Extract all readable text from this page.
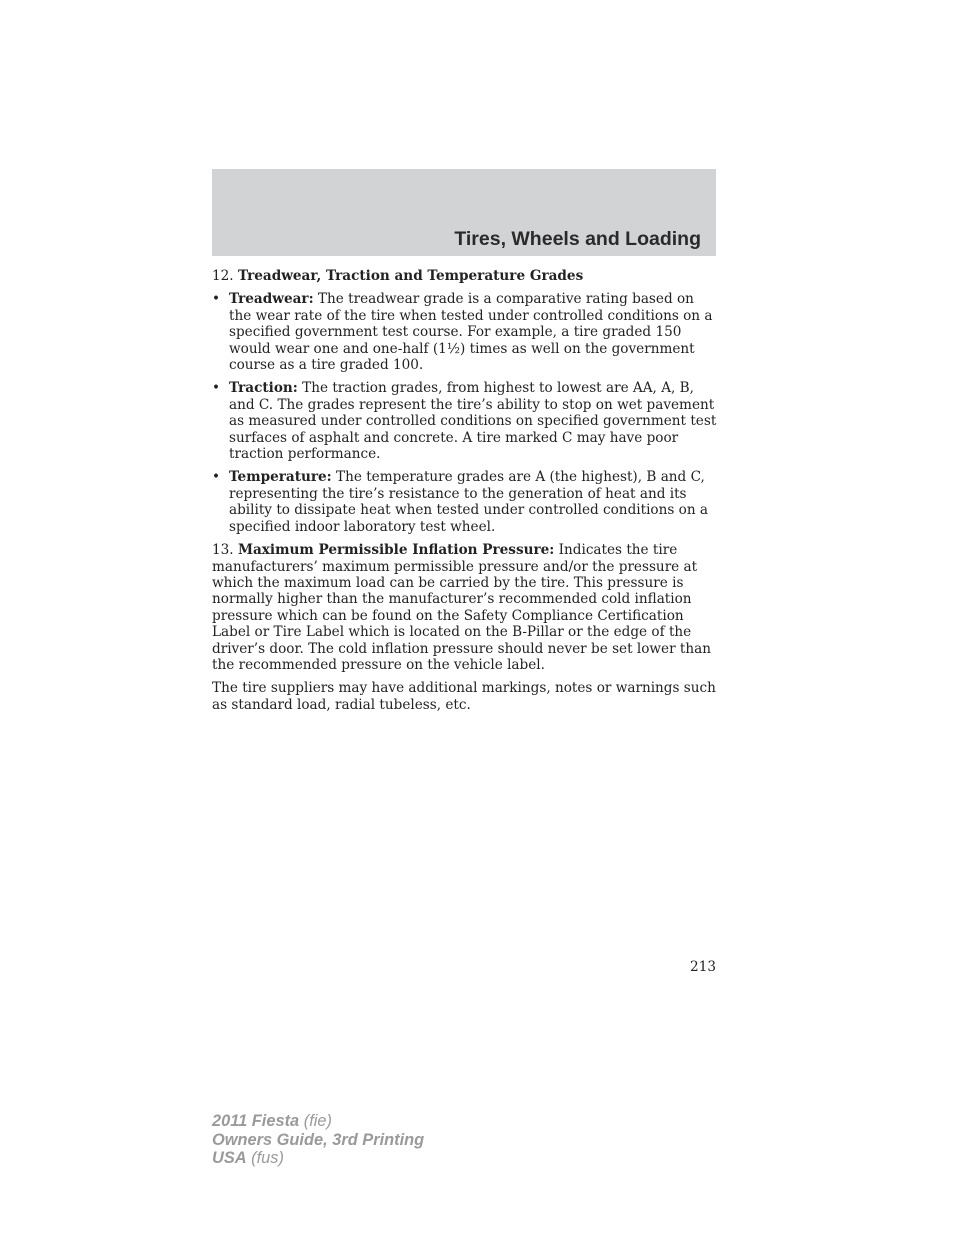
Tires, Wheels and Loading

12. Treadwear, Traction and Temperature Grades

• Treadwear: The treadwear grade is a comparative rating based on the wear rate of the tire when tested under controlled conditions on a specified government test course. For example, a tire graded 150 would wear one and one-half (1½) times as well on the government course as a tire graded 100.
• Traction: The traction grades, from highest to lowest are AA, A, B, and C. The grades represent the tire’s ability to stop on wet pavement as measured under controlled conditions on specified government test surfaces of asphalt and concrete. A tire marked C may have poor traction performance.
• Temperature: The temperature grades are A (the highest), B and C, representing the tire’s resistance to the generation of heat and its ability to dissipate heat when tested under controlled conditions on a specified indoor laboratory test wheel.

13. Maximum Permissible Inflation Pressure: Indicates the tire manufacturers’ maximum permissible pressure and/or the pressure at which the maximum load can be carried by the tire. This pressure is normally higher than the manufacturer’s recommended cold inflation pressure which can be found on the Safety Compliance Certification Label or Tire Label which is located on the B-Pillar or the edge of the driver’s door. The cold inflation pressure should never be set lower than the recommended pressure on the vehicle label.

The tire suppliers may have additional markings, notes or warnings such as standard load, radial tubeless, etc.

213
2011 Fiesta (fie)
Owners Guide, 3rd Printing
USA (fus)
